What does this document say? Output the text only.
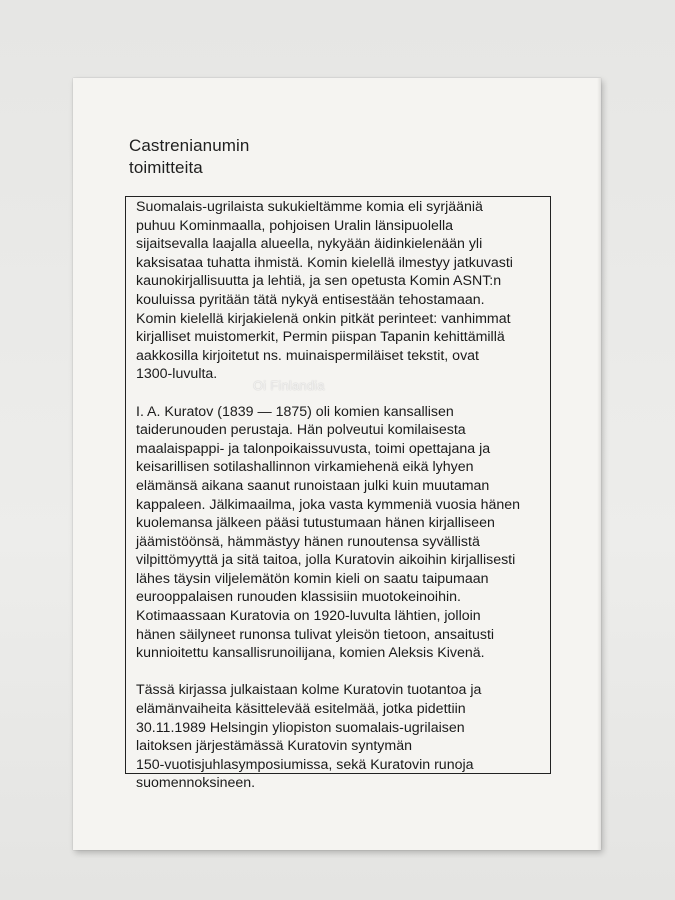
Castrenianumin
toimitteita

Suomalais-ugrilaista sukukieltämme komia eli syrjääniä
puhuu Kominmaalla, pohjoisen Uralin länsipuolella
sijaitsevalla laajalla alueella, nykyään äidinkielenään yli
kaksisataa tuhatta ihmistä. Komin kielellä ilmestyy jatkuvasti
kaunokirjallisuutta ja lehtiä, ja sen opetusta Komin ASNT:n
kouluissa pyritään tätä nykyä entisestään tehostamaan.
Komin kielellä kirjakielenä onkin pitkät perinteet: vanhimmat
kirjalliset muistomerkit, Permin piispan Tapanin kehittämillä
aakkosilla kirjoitetut ns. muinaispermiläiset tekstit, ovat
1300-luvulta.

I. A. Kuratov (1839 — 1875) oli komien kansallisen
taiderunouden perustaja. Hän polveutui komilaisesta
maalaispappi- ja talonpoikaissuvusta, toimi opettajana ja
keisarillisen sotilashallinnon virkamiehenä eikä lyhyen
elämänsä aikana saanut runoistaan julki kuin muutaman
kappaleen. Jälkimaailma, joka vasta kymmeniä vuosia hänen
kuolemansa jälkeen pääsi tutustumaan hänen kirjalliseen
jäämistöönsä, hämmästyy hänen runoutensa syvällistä
vilpittömyyttä ja sitä taitoa, jolla Kuratovin aikoihin kirjallisesti
lähes täysin viljelemätön komin kieli on saatu taipumaan
eurooppalaisen runouden klassisiin muotokeinoihin.
Kotimaassaan Kuratovia on 1920-luvulta lähtien, jolloin
hänen säilyneet runonsa tulivat yleisön tietoon, ansaitusti
kunnioitettu kansallisrunoilijana, komien Aleksis Kivenä.

Tässä kirjassa julkaistaan kolme Kuratovin tuotantoa ja
elämänvaiheita käsittelevää esitelmää, jotka pidettiin
30.11.1989 Helsingin yliopiston suomalais-ugrilaisen
laitoksen järjestämässä Kuratovin syntymän
150-vuotisjuhlasymposiumissa, sekä Kuratovin runoja
suomennoksineen.

Oi Finlandia
